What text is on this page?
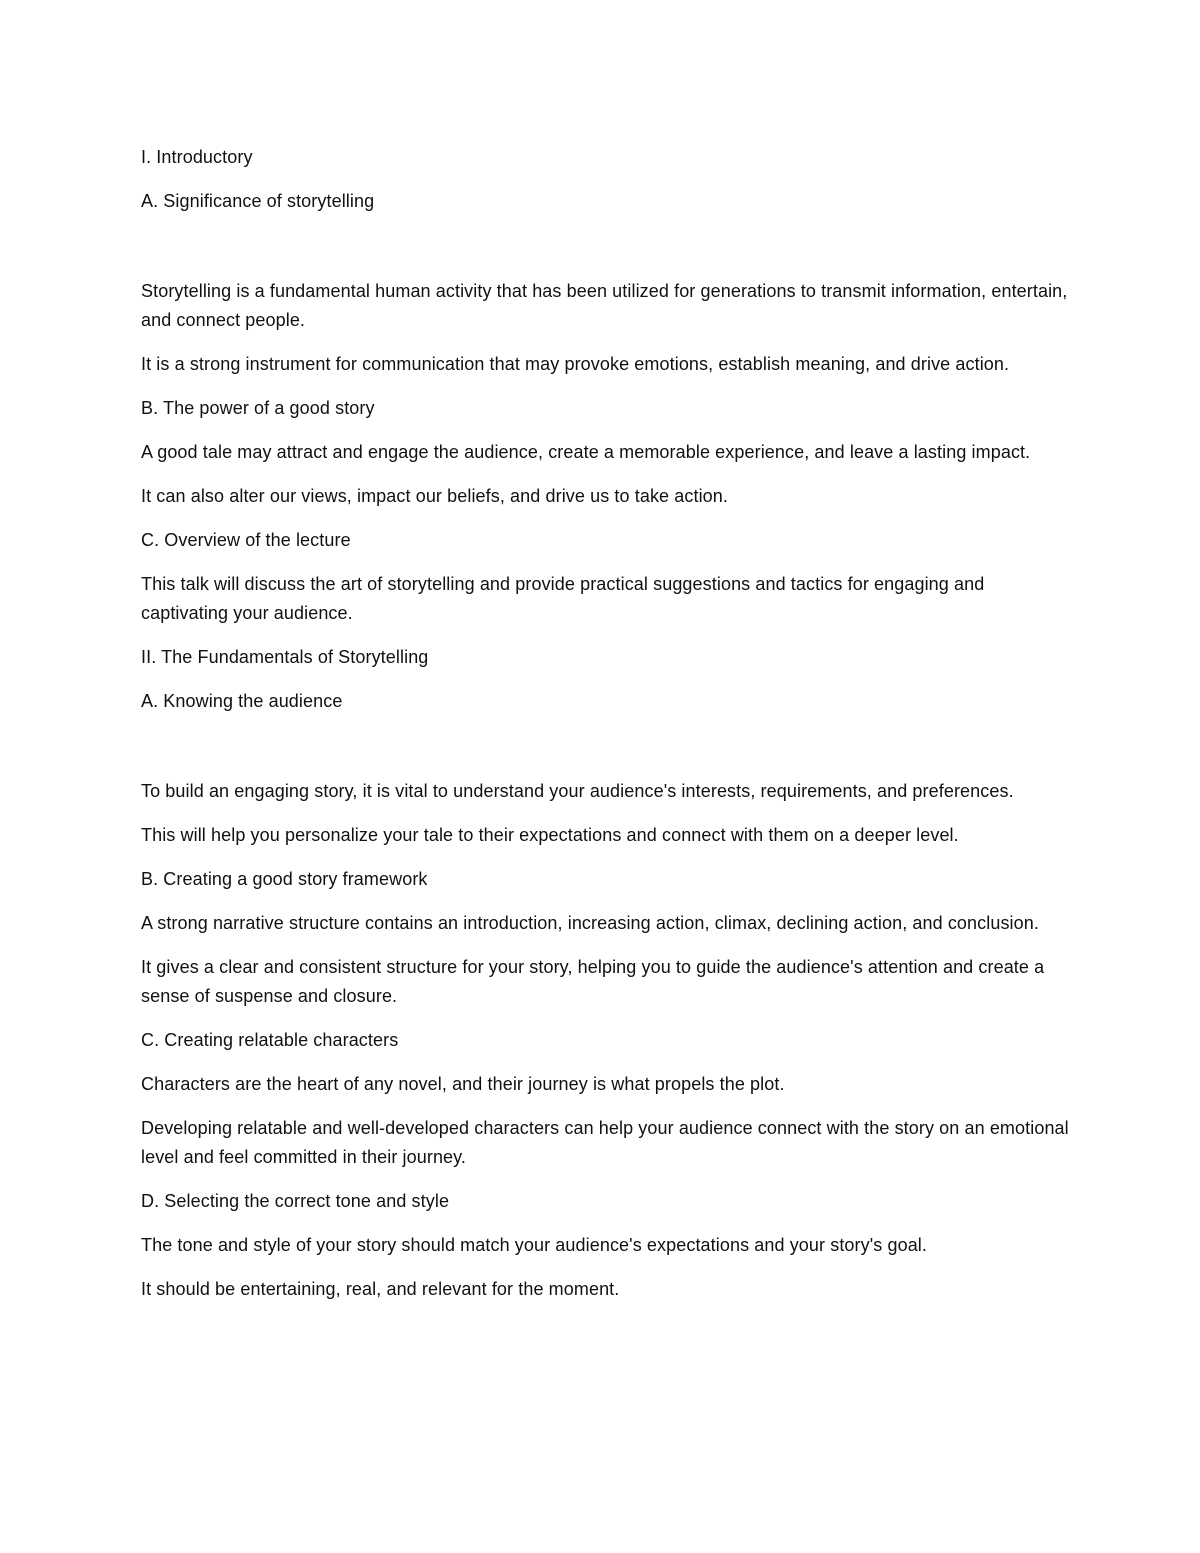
I. Introductory

A. Significance of storytelling

Storytelling is a fundamental human activity that has been utilized for generations to transmit information, entertain, and connect people.

It is a strong instrument for communication that may provoke emotions, establish meaning, and drive action.

B. The power of a good story

A good tale may attract and engage the audience, create a memorable experience, and leave a lasting impact.

It can also alter our views, impact our beliefs, and drive us to take action.

C. Overview of the lecture

This talk will discuss the art of storytelling and provide practical suggestions and tactics for engaging and captivating your audience.

II. The Fundamentals of Storytelling

A. Knowing the audience

To build an engaging story, it is vital to understand your audience's interests, requirements, and preferences.

This will help you personalize your tale to their expectations and connect with them on a deeper level.

B. Creating a good story framework

A strong narrative structure contains an introduction, increasing action, climax, declining action, and conclusion.

It gives a clear and consistent structure for your story, helping you to guide the audience's attention and create a sense of suspense and closure.

C. Creating relatable characters

Characters are the heart of any novel, and their journey is what propels the plot.

Developing relatable and well-developed characters can help your audience connect with the story on an emotional level and feel committed in their journey.

D. Selecting the correct tone and style

The tone and style of your story should match your audience's expectations and your story's goal.

It should be entertaining, real, and relevant for the moment.
